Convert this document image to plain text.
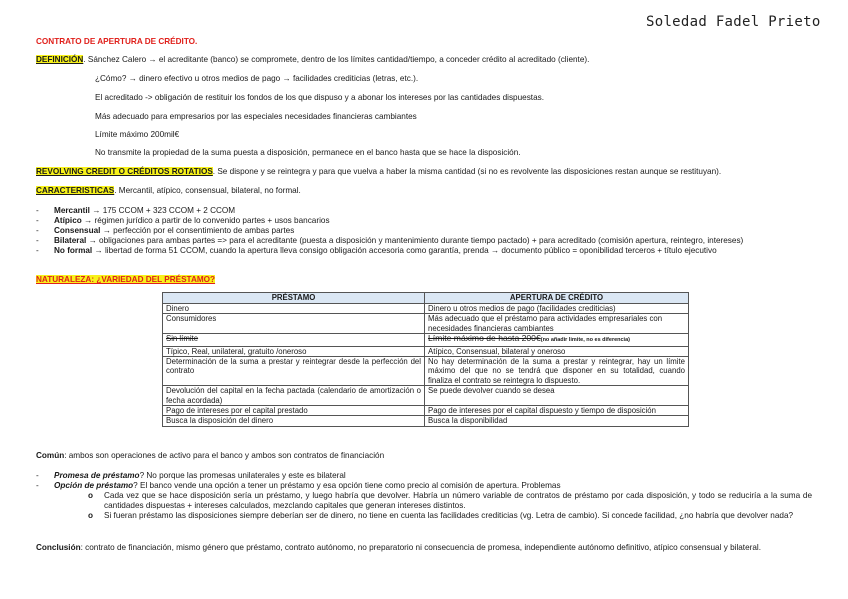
Soledad Fadel Prieto
CONTRATO DE APERTURA DE CRÉDITO.
DEFINICIÓN. Sánchez Calero → el acreditante (banco) se compromete, dentro de los límites cantidad/tiempo, a conceder crédito al acreditado (cliente).
¿Cómo? → dinero efectivo u otros medios de pago → facilidades crediticias (letras, etc.).
El acreditado -> obligación de restituir los fondos de los que dispuso y a abonar los intereses por las cantidades dispuestas.
Más adecuado para empresarios por las especiales necesidades financieras cambiantes
Límite máximo 200mil€
No transmite la propiedad de la suma puesta a disposición, permanece en el banco hasta que se hace la disposición.
REVOLVING CREDIT O CRÉDITOS ROTATIOS. Se dispone y se reintegra y para que vuelva a haber la misma cantidad (si no es revolvente las disposiciones restan aunque se restituyan).
CARACTERISTICAS. Mercantil, atípico, consensual, bilateral, no formal.
- Mercantil → 175 CCOM + 323 CCOM + 2 CCOM
- Atípico → régimen jurídico a partir de lo convenido partes + usos bancarios
- Consensual → perfección por el consentimiento de ambas partes
- Bilateral → obligaciones para ambas partes => para el acreditante (puesta a disposición y mantenimiento durante tiempo pactado) + para acreditado (comisión apertura, reintegro, intereses)
- No formal → libertad de forma 51 CCOM, cuando la apertura lleva consigo obligación accesoria como garantía, prenda → documento público = oponibilidad terceros + título ejecutivo
NATURALEZA: ¿VARIEDAD DEL PRÉSTAMO?
PRÉSTAMO	APERTURA DE CRÉDITO
Dinero	Dinero u otros medios de pago (facilidades crediticias)
Consumidores	Más adecuado que el préstamo para actividades empresariales con necesidades financieras cambiantes
Sin límite	Límite máximo de hasta 200€(no añadir limite, no es diferencia)
Típico, Real, unilateral, gratuito /oneroso	Atípico, Consensual, bilateral y oneroso
Determinación de la suma a prestar y reintegrar desde la perfección del contrato	No hay determinación de la suma a prestar y reintegrar, hay un límite máximo del que no se tendrá que disponer en su totalidad, cuando finaliza el contrato se reintegra lo dispuesto.
Devolución del capital en la fecha pactada (calendario de amortización o fecha acordada)	Se puede devolver cuando se desea
Pago de intereses por el capital prestado	Pago de intereses por el capital dispuesto y tiempo de disposición
Busca la disposición del dinero	Busca la disponibilidad
Común: ambos son operaciones de activo para el banco y ambos son contratos de financiación
- Promesa de préstamo? No porque las promesas unilaterales y este es bilateral
- Opción de préstamo? El banco vende una opción a tener un préstamo y esa opción tiene como precio al comisión de apertura. Problemas
o Cada vez que se hace disposición sería un préstamo, y luego habría que devolver. Habría un número variable de contratos de préstamo por cada disposición, y todo se reduciría a la suma de cantidades dispuestas + intereses calculados, mezclando capitales que generan intereses distintos.
o Si fueran préstamo las disposiciones siempre deberían ser de dinero, no tiene en cuenta las facilidades crediticias (vg. Letra de cambio). Si concede facilidad, ¿no habría que devolver nada?
Conclusión: contrato de financiación, mismo género que préstamo, contrato autónomo, no preparatorio ni consecuencia de promesa, independiente autónomo definitivo, atípico consensual y bilateral.
